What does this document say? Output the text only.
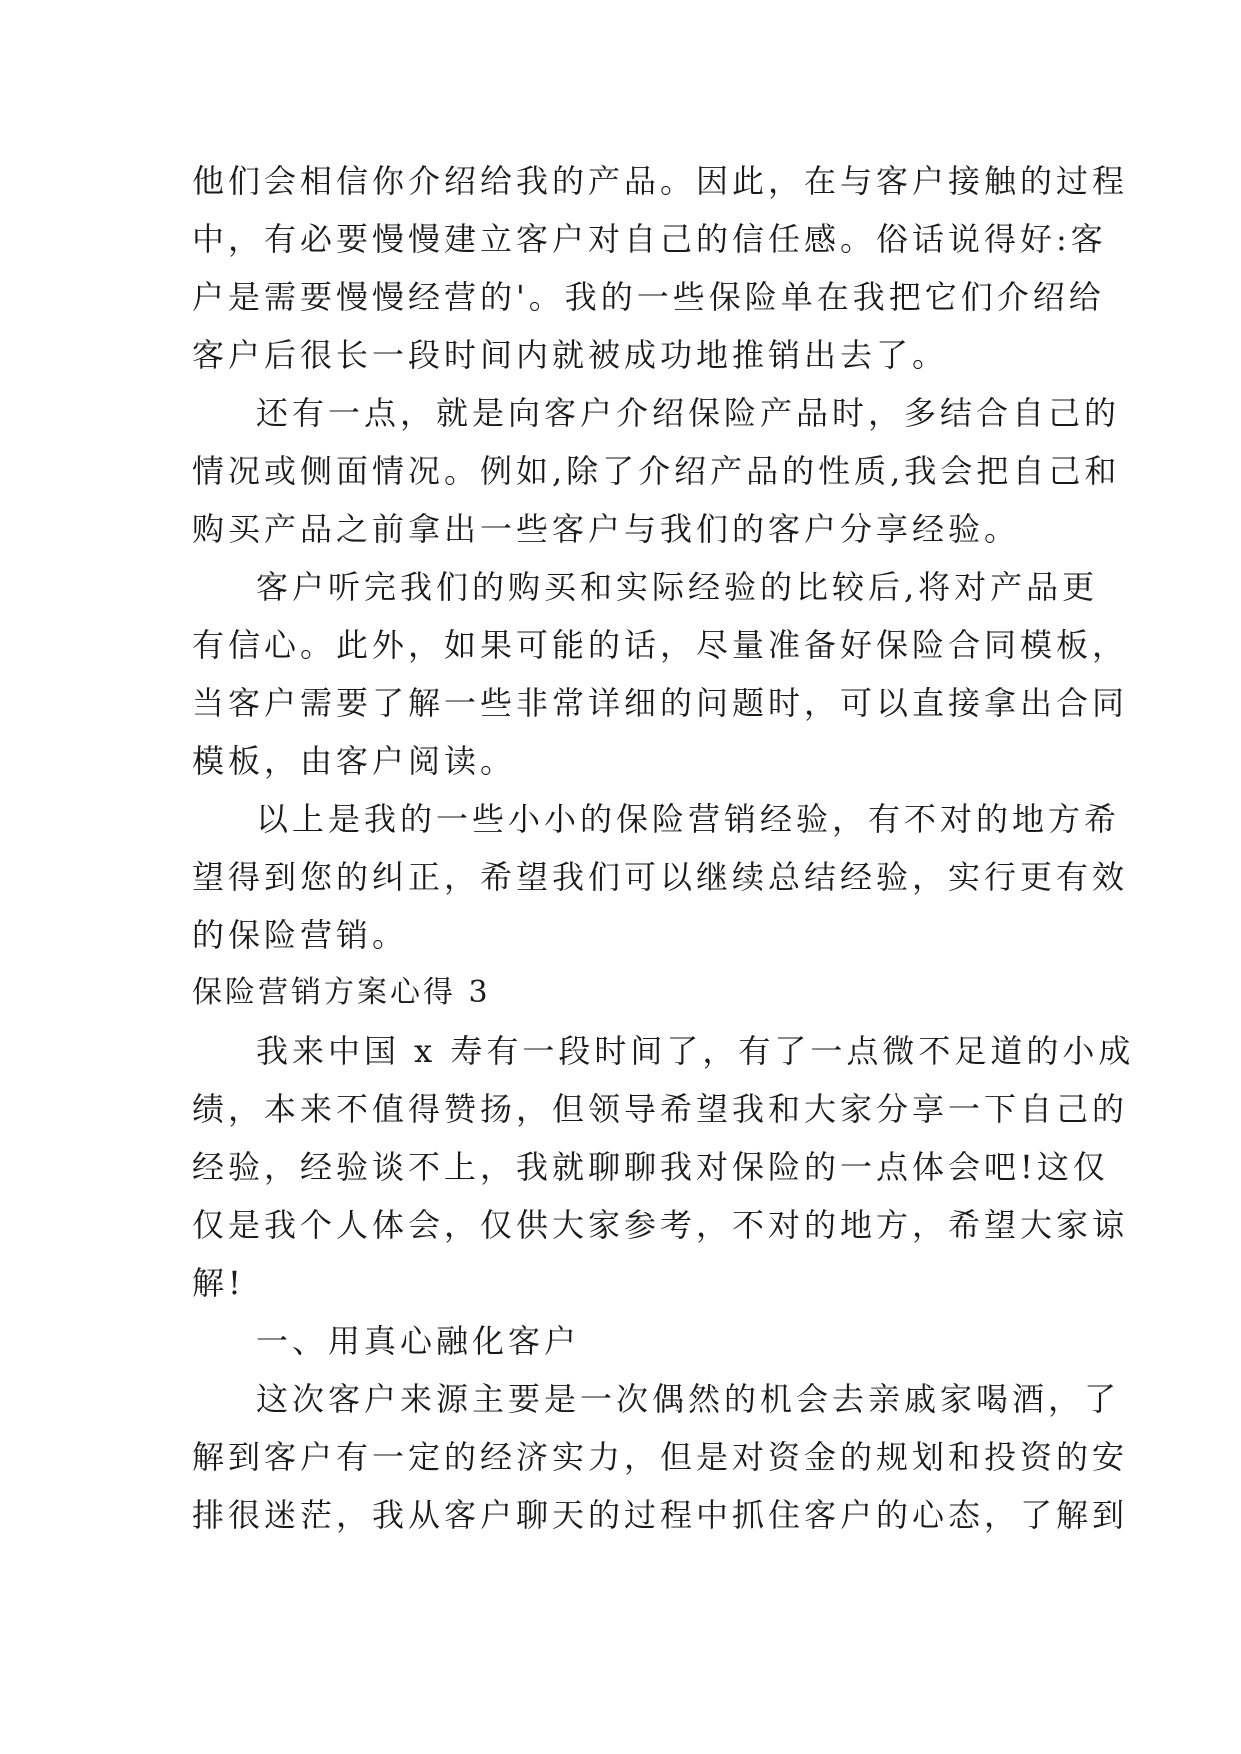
他们会相信你介绍给我的产品。因此，在与客户接触的过程
中，有必要慢慢建立客户对自己的信任感。俗话说得好:客
户是需要慢慢经营的'。我的一些保险单在我把它们介绍给
客户后很长一段时间内就被成功地推销出去了。
还有一点，就是向客户介绍保险产品时，多结合自己的
情况或侧面情况。例如,除了介绍产品的性质,我会把自己和
购买产品之前拿出一些客户与我们的客户分享经验。
客户听完我们的购买和实际经验的比较后,将对产品更
有信心。此外，如果可能的话，尽量准备好保险合同模板，
当客户需要了解一些非常详细的问题时，可以直接拿出合同
模板，由客户阅读。
以上是我的一些小小的保险营销经验，有不对的地方希
望得到您的纠正，希望我们可以继续总结经验，实行更有效
的保险营销。
保险营销方案心得 3
我来中国 x 寿有一段时间了，有了一点微不足道的小成
绩，本来不值得赞扬，但领导希望我和大家分享一下自己的
经验，经验谈不上，我就聊聊我对保险的一点体会吧!这仅
仅是我个人体会，仅供大家参考，不对的地方，希望大家谅
解!
一、用真心融化客户
这次客户来源主要是一次偶然的机会去亲戚家喝酒，了
解到客户有一定的经济实力，但是对资金的规划和投资的安
排很迷茫，我从客户聊天的过程中抓住客户的心态，了解到
